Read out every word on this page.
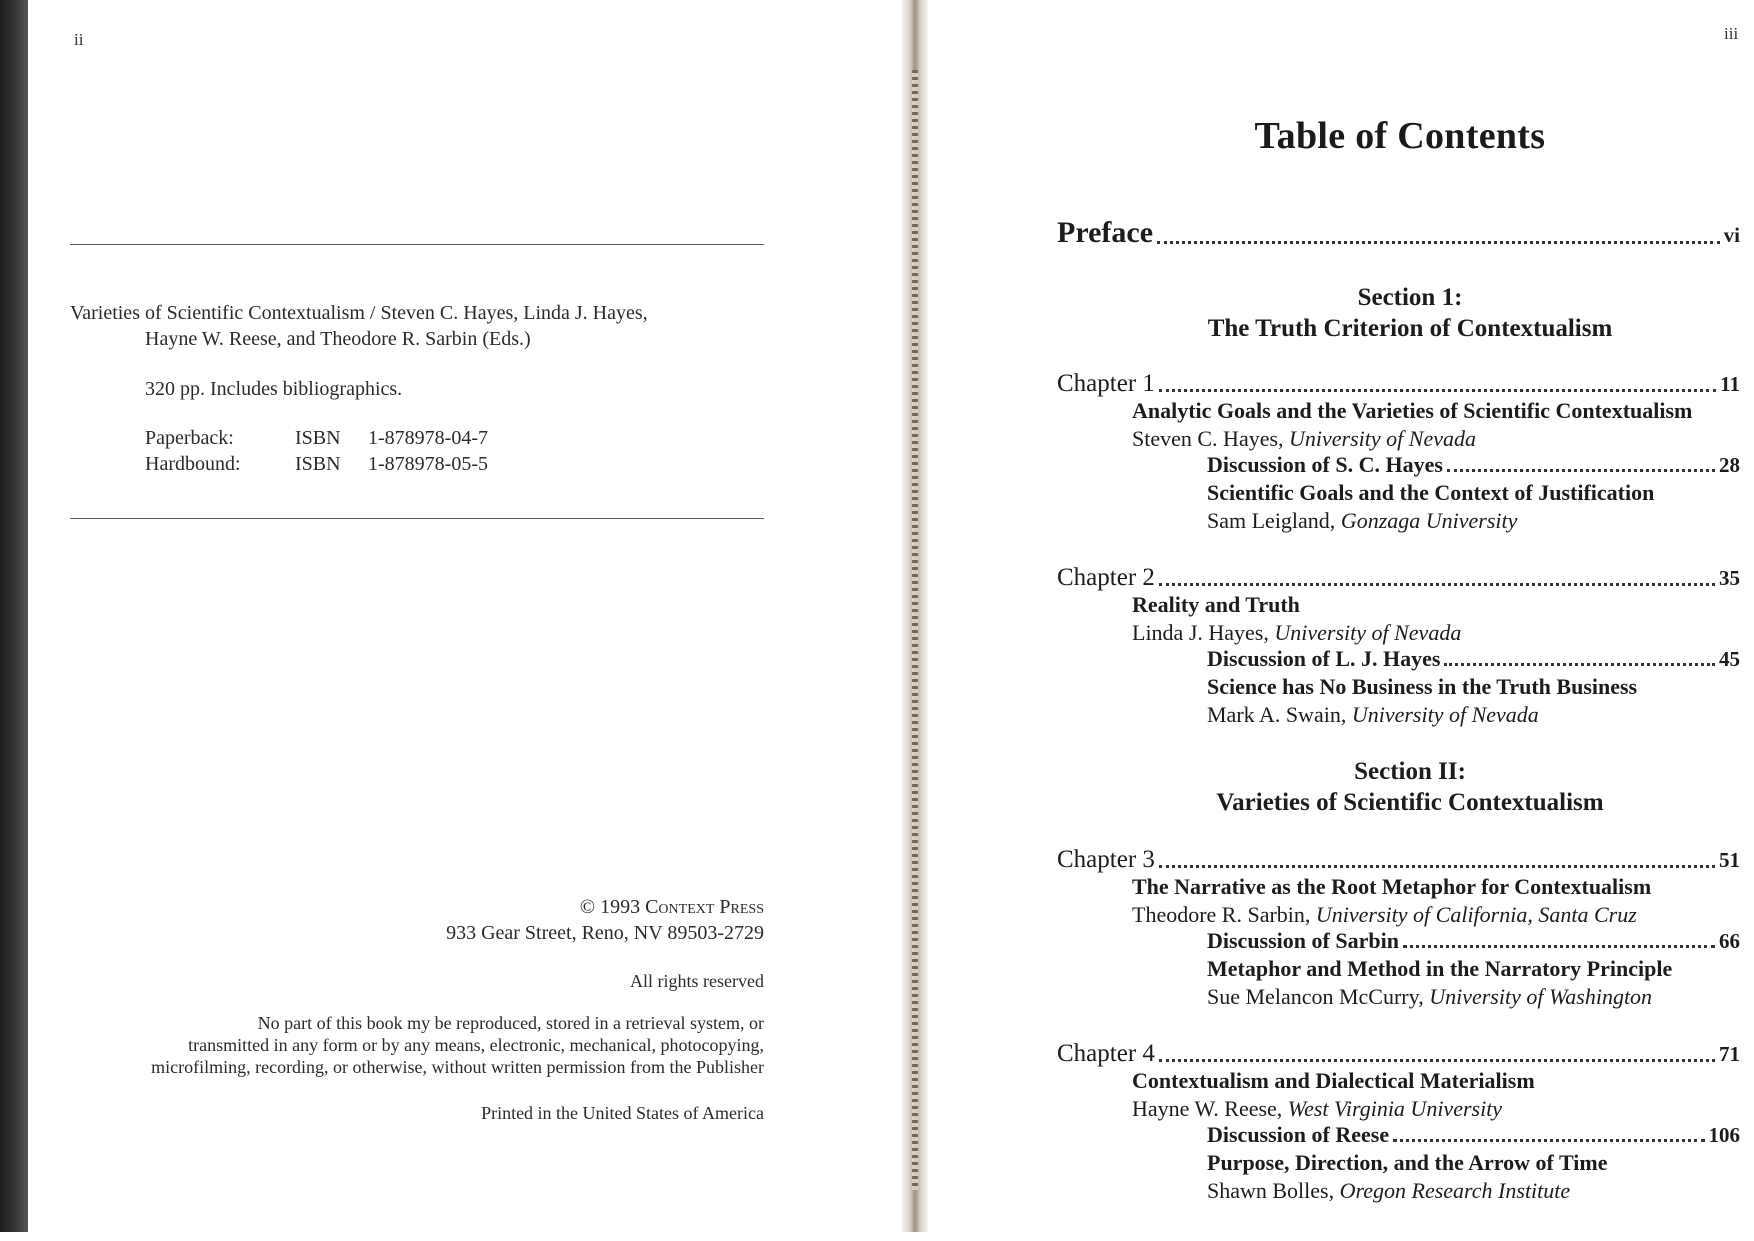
ii
Varieties of Scientific Contextualism / Steven C. Hayes, Linda J. Hayes,
Hayne W. Reese, and Theodore R. Sarbin (Eds.)
320 pp. Includes bibliographics.
Paperback:	ISBN 1-878978-04-7
Hardbound:	ISBN 1-878978-05-5
© 1993 Context Press
933 Gear Street, Reno, NV 89503-2729
All rights reserved
No part of this book my be reproduced, stored in a retrieval system, or
transmitted in any form or by any means, electronic, mechanical, photocopying,
microfilming, recording, or otherwise, without written permission from the Publisher
Printed in the United States of America
iii
Table of Contents
Preface	vi
Section 1:
The Truth Criterion of Contextualism
Chapter 1	11
Analytic Goals and the Varieties of Scientific Contextualism
Steven C. Hayes, University of Nevada
Discussion of S. C. Hayes	28
Scientific Goals and the Context of Justification
Sam Leigland, Gonzaga University
Chapter 2	35
Reality and Truth
Linda J. Hayes, University of Nevada
Discussion of L. J. Hayes	45
Science has No Business in the Truth Business
Mark A. Swain, University of Nevada
Section II:
Varieties of Scientific Contextualism
Chapter 3	51
The Narrative as the Root Metaphor for Contextualism
Theodore R. Sarbin, University of California, Santa Cruz
Discussion of Sarbin	66
Metaphor and Method in the Narratory Principle
Sue Melancon McCurry, University of Washington
Chapter 4	71
Contextualism and Dialectical Materialism
Hayne W. Reese, West Virginia University
Discussion of Reese	106
Purpose, Direction, and the Arrow of Time
Shawn Bolles, Oregon Research Institute
